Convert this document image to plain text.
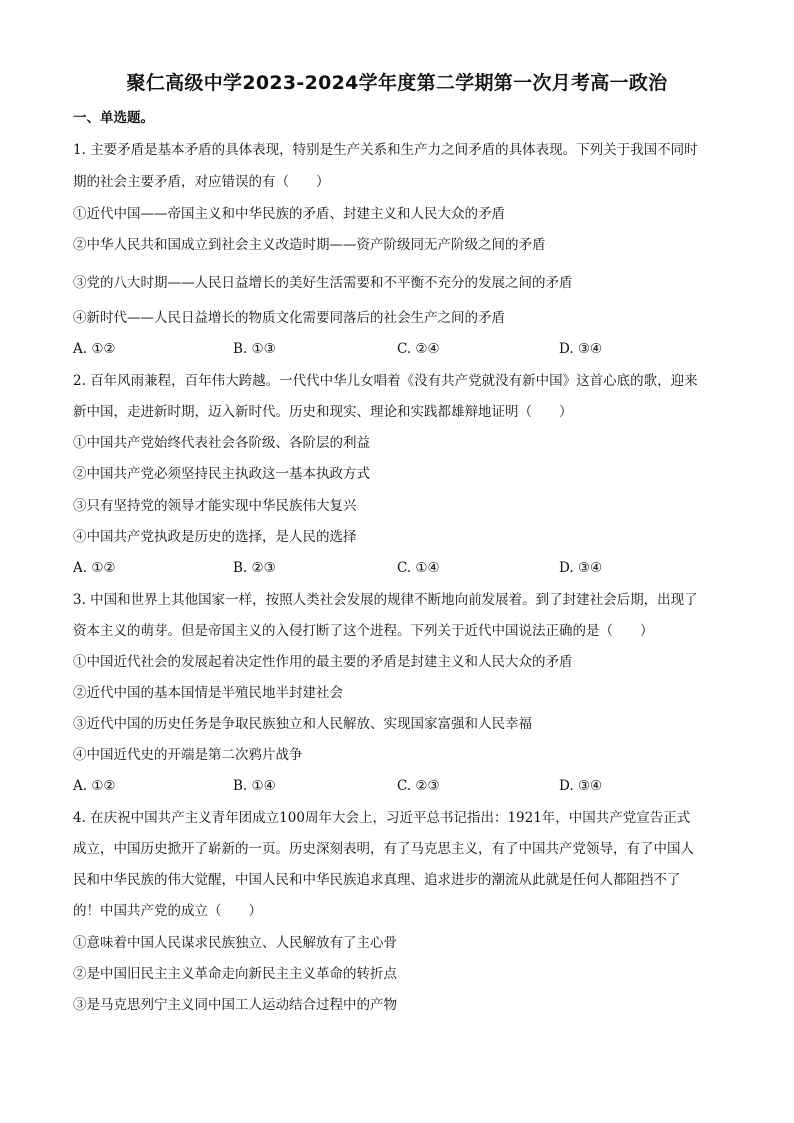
聚仁高级中学2023-2024学年度第二学期第一次月考高一政治
一、单选题。
1. 主要矛盾是基本矛盾的具体表现，特别是生产关系和生产力之间矛盾的具体表现。下列关于我国不同时
期的社会主要矛盾，对应错误的有（　　）
①近代中国——帝国主义和中华民族的矛盾、封建主义和人民大众的矛盾
②中华人民共和国成立到社会主义改造时期——资产阶级同无产阶级之间的矛盾
③党的八大时期——人民日益增长的美好生活需要和不平衡不充分的发展之间的矛盾
④新时代——人民日益增长的物质文化需要同落后的社会生产之间的矛盾
A. ①②	B. ①③	C. ②④	D. ③④
2. 百年风雨兼程，百年伟大跨越。一代代中华儿女唱着《没有共产党就没有新中国》这首心底的歌，迎来
新中国，走进新时期，迈入新时代。历史和现实、理论和实践都雄辩地证明（　　）
①中国共产党始终代表社会各阶级、各阶层的利益
②中国共产党必须坚持民主执政这一基本执政方式
③只有坚持党的领导才能实现中华民族伟大复兴
④中国共产党执政是历史的选择，是人民的选择
A. ①②	B. ②③	C. ①④	D. ③④
3. 中国和世界上其他国家一样，按照人类社会发展的规律不断地向前发展着。到了封建社会后期，出现了
资本主义的萌芽。但是帝国主义的入侵打断了这个进程。下列关于近代中国说法正确的是（　　）
①中国近代社会的发展起着决定性作用的最主要的矛盾是封建主义和人民大众的矛盾
②近代中国的基本国情是半殖民地半封建社会
③近代中国的历史任务是争取民族独立和人民解放、实现国家富强和人民幸福
④中国近代史的开端是第二次鸦片战争
A. ①②	B. ①④	C. ②③	D. ③④
4. 在庆祝中国共产主义青年团成立100周年大会上，习近平总书记指出：1921年，中国共产党宣告正式
成立，中国历史掀开了崭新的一页。历史深刻表明，有了马克思主义，有了中国共产党领导，有了中国人
民和中华民族的伟大觉醒，中国人民和中华民族追求真理、追求进步的潮流从此就是任何人都阻挡不了
的！中国共产党的成立（　　）
①意味着中国人民谋求民族独立、人民解放有了主心骨
②是中国旧民主主义革命走向新民主主义革命的转折点
③是马克思列宁主义同中国工人运动结合过程中的产物
